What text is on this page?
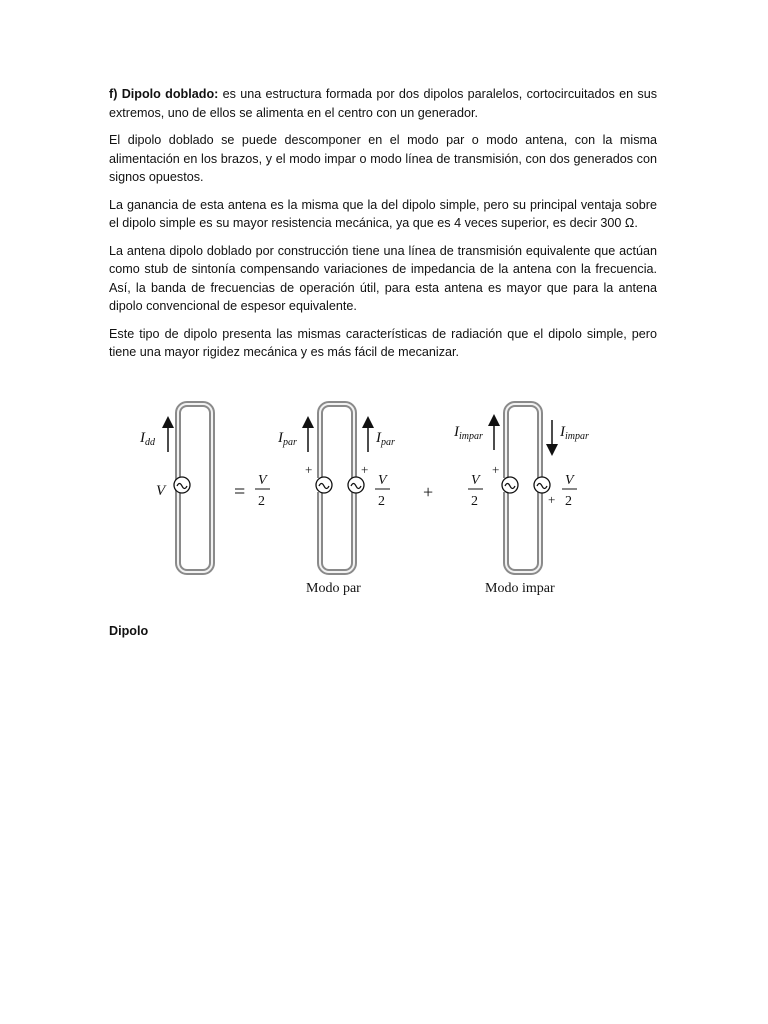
f) Dipolo doblado: es una estructura formada por dos dipolos paralelos, cortocircuitados en sus extremos, uno de ellos se alimenta en el centro con un generador.

El dipolo doblado se puede descomponer en el modo par o modo antena, con la misma alimentación en los brazos, y el modo impar o modo línea de transmisión, con dos generados con signos opuestos.

La ganancia de esta antena es la misma que la del dipolo simple, pero su principal ventaja sobre el dipolo simple es su mayor resistencia mecánica, ya que es 4 veces superior, es decir 300 Ω.

La antena dipolo doblado por construcción tiene una línea de transmisión equivalente que actúan como stub de sintonía compensando variaciones de impedancia de la antena con la frecuencia. Así, la banda de frecuencias de operación útil, para esta antena es mayor que para la antena dipolo convencional de espesor equivalente.

Este tipo de dipolo presenta las mismas características de radiación que el dipolo simple, pero tiene una mayor rigidez mecánica y es más fácil de mecanizar.

$I_{dd}$
V	=
$I_{par}$	$I_{par}$
+	+
V
2
V
2
Modo par
+
$I_{impar}$	$I_{impar}$
+
+
V
2
V
2
Modo impar
Dipolo
